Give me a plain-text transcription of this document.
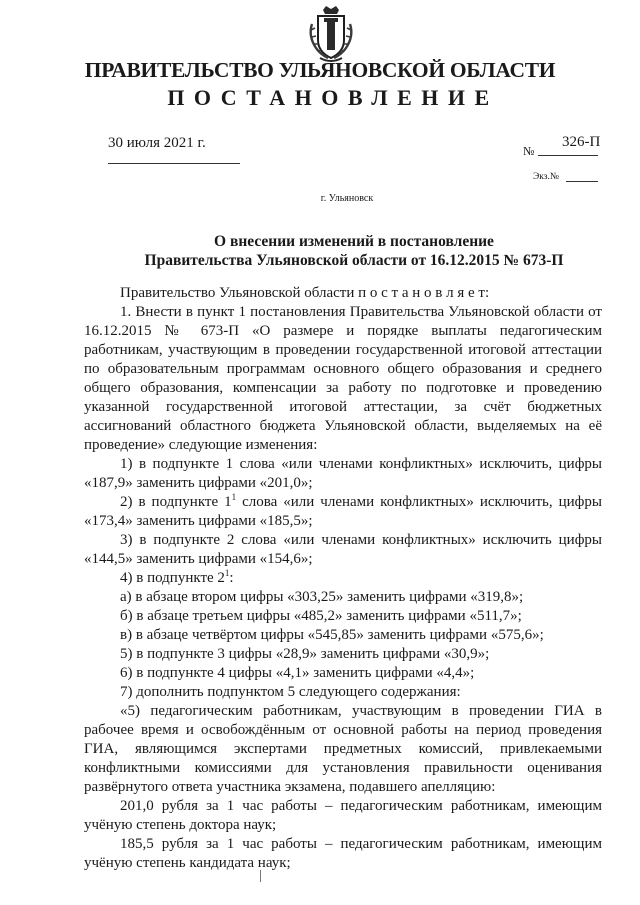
ПРАВИТЕЛЬСТВО УЛЬЯНОВСКОЙ ОБЛАСТИ
ПОСТАНОВЛЕНИЕ
30 июля 2021 г.	№
326-П
Экз.№
г. Ульяновск
О внесении изменений в постановление
Правительства Ульяновской области от 16.12.2015 № 673-П

Правительство Ульяновской области п о с т а н о в л я е т:

1. Внести в пункт 1 постановления Правительства Ульяновской области от 16.12.2015 № 673-П «О размере и порядке выплаты педагогическим работникам, участвующим в проведении государственной итоговой аттестации по образовательным программам основного общего образования и среднего общего образования, компенсации за работу по подготовке и проведению указанной государственной итоговой аттестации, за счёт бюджетных ассигнований областного бюджета Ульяновской области, выделяемых на её проведение» следующие изменения:

1) в подпункте 1 слова «или членами конфликтных» исключить, цифры «187,9» заменить цифрами «201,0»;

2) в подпункте $1^1$ слова «или членами конфликтных» исключить, цифры «173,4» заменить цифрами «185,5»;

3) в подпункте 2 слова «или членами конфликтных» исключить цифры «144,5» заменить цифрами «154,6»;

4) в подпункте $2^1$:

а) в абзаце втором цифры «303,25» заменить цифрами «319,8»;

б) в абзаце третьем цифры «485,2» заменить цифрами «511,7»;

в) в абзаце четвёртом цифры «545,85» заменить цифрами «575,6»;

5) в подпункте 3 цифры «28,9» заменить цифрами «30,9»;

6) в подпункте 4 цифры «4,1» заменить цифрами «4,4»;

7) дополнить подпунктом 5 следующего содержания:

«5) педагогическим работникам, участвующим в проведении ГИА в рабочее время и освобождённым от основной работы на период проведения ГИА, являющимся экспертами предметных комиссий, привлекаемыми конфликтными комиссиями для установления правильности оценивания развёрнутого ответа участника экзамена, подавшего апелляцию:

201,0 рубля за 1 час работы – педагогическим работникам, имеющим учёную степень доктора наук;

185,5 рубля за 1 час работы – педагогическим работникам, имеющим учёную степень кандидата наук;
